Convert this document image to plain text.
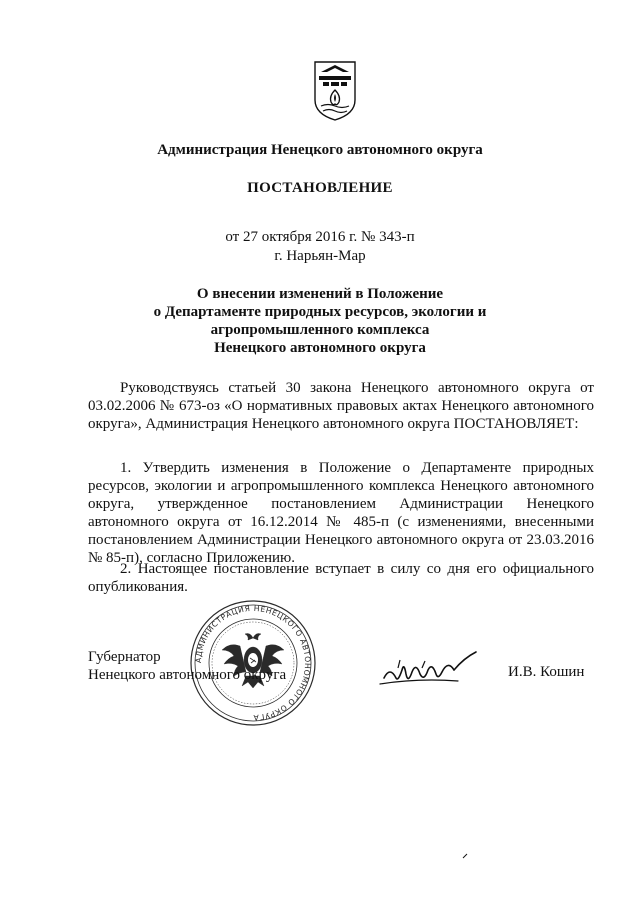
Администрация Ненецкого автономного округа
ПОСТАНОВЛЕНИЕ
от 27 октября 2016 г. № 343-п
г. Нарьян-Мар
О внесении изменений в Положение
о Департаменте природных ресурсов, экологии и
агропромышленного комплекса
Ненецкого автономного округа
Руководствуясь статьей 30 закона Ненецкого автономного округа от 03.02.2006 № 673-оз «О нормативных правовых актах Ненецкого автономного округа», Администрация Ненецкого автономного округа ПОСТАНОВЛЯЕТ:
1. Утвердить изменения в Положение о Департаменте природных ресурсов, экологии и агропромышленного комплекса Ненецкого автономного округа, утвержденное постановлением Администрации Ненецкого автономного округа от 16.12.2014 № 485-п (с изменениями, внесенными постановлением Администрации Ненецкого автономного округа от 23.03.2016 № 85-п), согласно Приложению.
2. Настоящее постановление вступает в силу со дня его официального опубликования.
АДМИНИСТРАЦИЯ НЕНЕЦКОГО АВТОНОМНОГО ОКРУГА
Губернатор
Ненецкого автономного округа	И.В. Кошин
